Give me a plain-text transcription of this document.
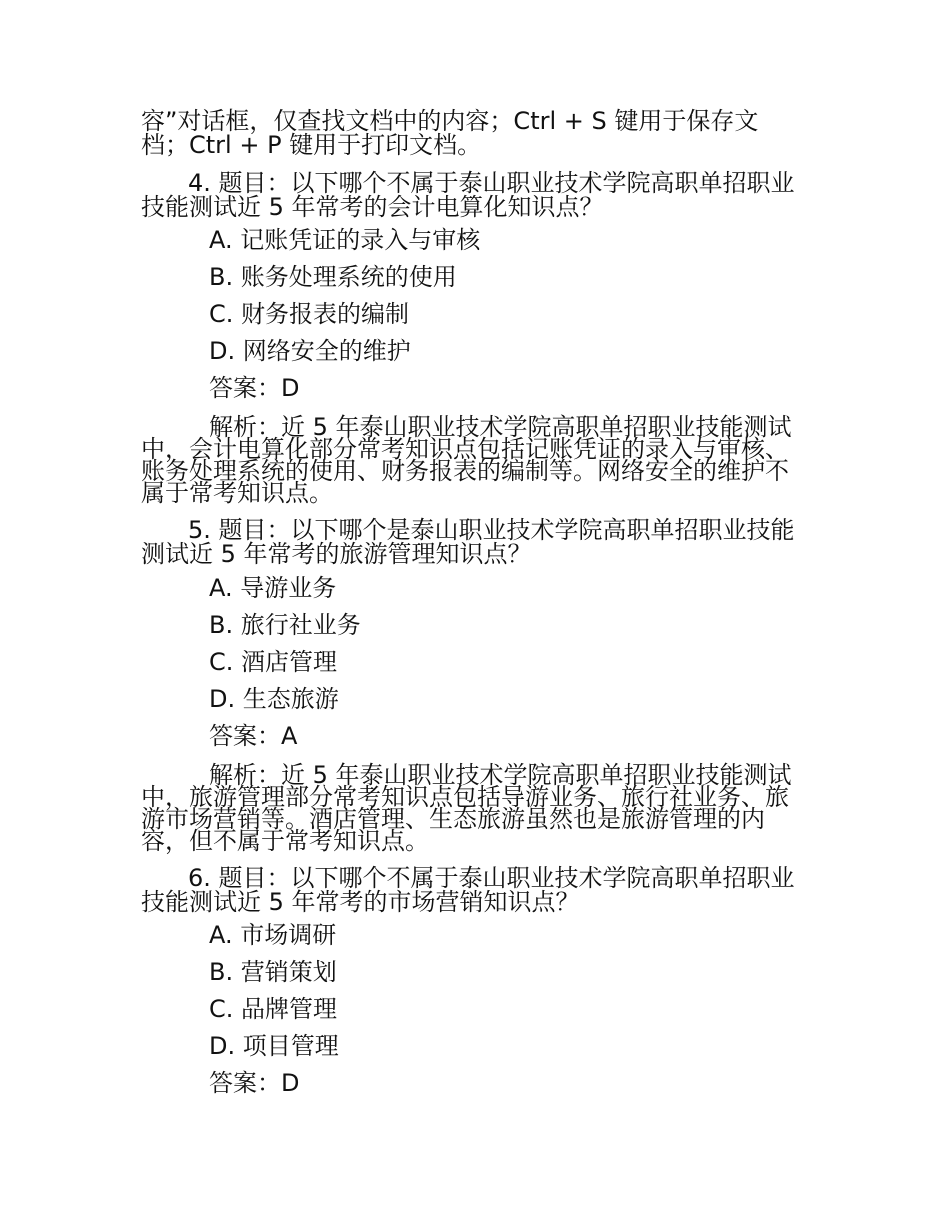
容”对话框，仅查找文档中的内容；Ctrl + S 键用于保存文

档；Ctrl + P 键用于打印文档。

4. 题目：以下哪个不属于泰山职业技术学院高职单招职业

技能测试近 5 年常考的会计电算化知识点？

A. 记账凭证的录入与审核

B. 账务处理系统的使用

C. 财务报表的编制

D. 网络安全的维护

答案：D

解析：近 5 年泰山职业技术学院高职单招职业技能测试

中，会计电算化部分常考知识点包括记账凭证的录入与审核、

账务处理系统的使用、财务报表的编制等。网络安全的维护不

属于常考知识点。

5. 题目：以下哪个是泰山职业技术学院高职单招职业技能

测试近 5 年常考的旅游管理知识点？

A. 导游业务

B. 旅行社业务

C. 酒店管理

D. 生态旅游

答案：A

解析：近 5 年泰山职业技术学院高职单招职业技能测试

中，旅游管理部分常考知识点包括导游业务、旅行社业务、旅

游市场营销等。酒店管理、生态旅游虽然也是旅游管理的内

容，但不属于常考知识点。

6. 题目：以下哪个不属于泰山职业技术学院高职单招职业

技能测试近 5 年常考的市场营销知识点？

A. 市场调研

B. 营销策划

C. 品牌管理

D. 项目管理

答案：D
